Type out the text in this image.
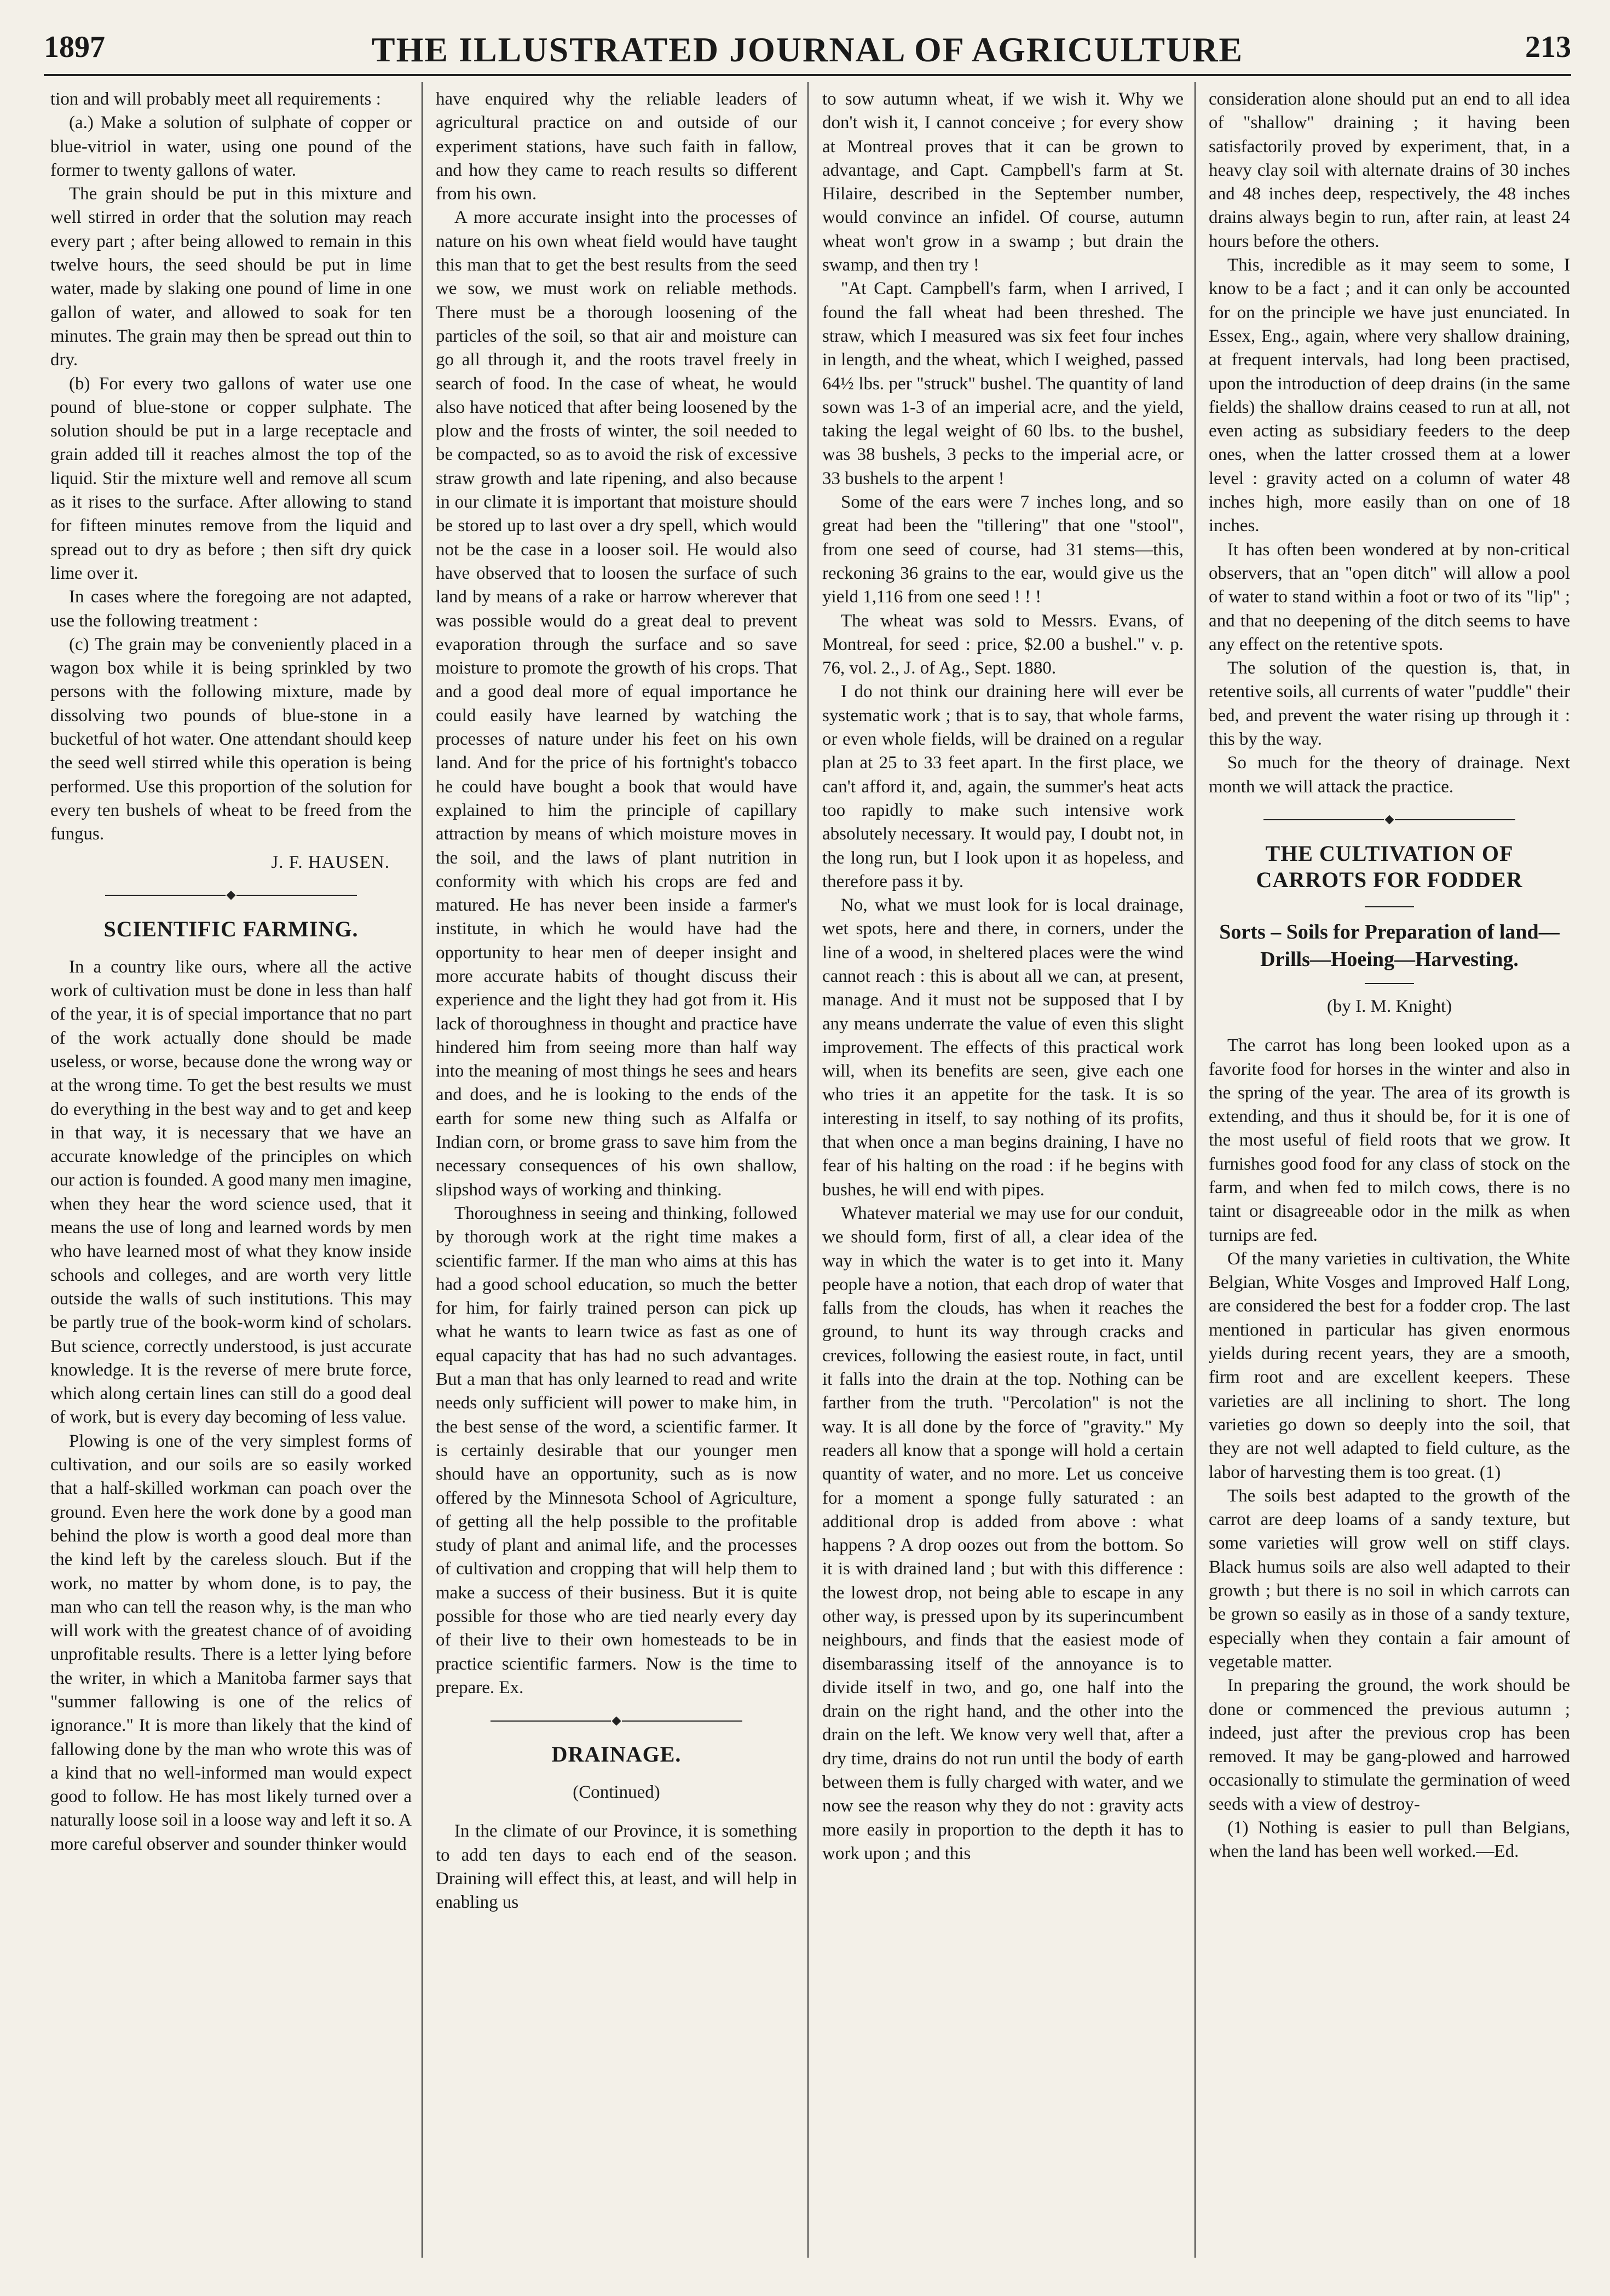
1897	THE ILLUSTRATED JOURNAL OF AGRICULTURE	213

tion and will probably meet all requirements :

(a.) Make a solution of sulphate of copper or blue-vitriol in water, using one pound of the former to twenty gallons of water.

The grain should be put in this mixture and well stirred in order that the solution may reach every part ; after being allowed to remain in this twelve hours, the seed should be put in lime water, made by slaking one pound of lime in one gallon of water, and allowed to soak for ten minutes. The grain may then be spread out thin to dry.

(b) For every two gallons of water use one pound of blue-stone or copper sulphate. The solution should be put in a large receptacle and grain added till it reaches almost the top of the liquid. Stir the mixture well and remove all scum as it rises to the surface. After allowing to stand for fifteen minutes remove from the liquid and spread out to dry as before ; then sift dry quick lime over it.

In cases where the foregoing are not adapted, use the following treatment :

(c) The grain may be conveniently placed in a wagon box while it is being sprinkled by two persons with the following mixture, made by dissolving two pounds of blue-stone in a bucketful of hot water. One attendant should keep the seed well stirred while this operation is being performed. Use this proportion of the solution for every ten bushels of wheat to be freed from the fungus.

J. F. HAUSEN.
SCIENTIFIC FARMING.

In a country like ours, where all the active work of cultivation must be done in less than half of the year, it is of special importance that no part of the work actually done should be made useless, or worse, because done the wrong way or at the wrong time. To get the best results we must do everything in the best way and to get and keep in that way, it is necessary that we have an accurate knowledge of the principles on which our action is founded. A good many men imagine, when they hear the word science used, that it means the use of long and learned words by men who have learned most of what they know inside schools and colleges, and are worth very little outside the walls of such institutions. This may be partly true of the book-worm kind of scholars. But science, correctly understood, is just accurate knowledge. It is the reverse of mere brute force, which along certain lines can still do a good deal of work, but is every day becoming of less value.

Plowing is one of the very simplest forms of cultivation, and our soils are so easily worked that a half-skilled workman can poach over the ground. Even here the work done by a good man behind the plow is worth a good deal more than the kind left by the careless slouch. But if the work, no matter by whom done, is to pay, the man who can tell the reason why, is the man who will work with the greatest chance of of avoiding unprofitable results. There is a letter lying before the writer, in which a Manitoba farmer says that "summer fallowing is one of the relics of ignorance." It is more than likely that the kind of fallowing done by the man who wrote this was of a kind that no well-informed man would expect good to follow. He has most likely turned over a naturally loose soil in a loose way and left it so. A more careful observer and sounder thinker would

have enquired why the reliable leaders of agricultural practice on and outside of our experiment stations, have such faith in fallow, and how they came to reach results so different from his own.

A more accurate insight into the processes of nature on his own wheat field would have taught this man that to get the best results from the seed we sow, we must work on reliable methods. There must be a thorough loosening of the particles of the soil, so that air and moisture can go all through it, and the roots travel freely in search of food. In the case of wheat, he would also have noticed that after being loosened by the plow and the frosts of winter, the soil needed to be compacted, so as to avoid the risk of excessive straw growth and late ripening, and also because in our climate it is important that moisture should be stored up to last over a dry spell, which would not be the case in a looser soil. He would also have observed that to loosen the surface of such land by means of a rake or harrow wherever that was possible would do a great deal to prevent evaporation through the surface and so save moisture to promote the growth of his crops. That and a good deal more of equal importance he could easily have learned by watching the processes of nature under his feet on his own land. And for the price of his fortnight's tobacco he could have bought a book that would have explained to him the principle of capillary attraction by means of which moisture moves in the soil, and the laws of plant nutrition in conformity with which his crops are fed and matured. He has never been inside a farmer's institute, in which he would have had the opportunity to hear men of deeper insight and more accurate habits of thought discuss their experience and the light they had got from it. His lack of thoroughness in thought and practice have hindered him from seeing more than half way into the meaning of most things he sees and hears and does, and he is looking to the ends of the earth for some new thing such as Alfalfa or Indian corn, or brome grass to save him from the necessary consequences of his own shallow, slipshod ways of working and thinking.

Thoroughness in seeing and thinking, followed by thorough work at the right time makes a scientific farmer. If the man who aims at this has had a good school education, so much the better for him, for fairly trained person can pick up what he wants to learn twice as fast as one of equal capacity that has had no such advantages. But a man that has only learned to read and write needs only sufficient will power to make him, in the best sense of the word, a scientific farmer. It is certainly desirable that our younger men should have an opportunity, such as is now offered by the Minnesota School of Agriculture, of getting all the help possible to the profitable study of plant and animal life, and the processes of cultivation and cropping that will help them to make a success of their business. But it is quite possible for those who are tied nearly every day of their live to their own homesteads to be in practice scientific farmers. Now is the time to prepare. Ex.

DRAINAGE.
(Continued)

In the climate of our Province, it is something to add ten days to each end of the season. Draining will effect this, at least, and will help in enabling us

to sow autumn wheat, if we wish it. Why we don't wish it, I cannot conceive ; for every show at Montreal proves that it can be grown to advantage, and Capt. Campbell's farm at St. Hilaire, described in the September number, would convince an infidel. Of course, autumn wheat won't grow in a swamp ; but drain the swamp, and then try !

"At Capt. Campbell's farm, when I arrived, I found the fall wheat had been threshed. The straw, which I measured was six feet four inches in length, and the wheat, which I weighed, passed 64½ lbs. per "struck" bushel. The quantity of land sown was 1-3 of an imperial acre, and the yield, taking the legal weight of 60 lbs. to the bushel, was 38 bushels, 3 pecks to the imperial acre, or 33 bushels to the arpent !

Some of the ears were 7 inches long, and so great had been the "tillering" that one "stool", from one seed of course, had 31 stems—this, reckoning 36 grains to the ear, would give us the yield 1,116 from one seed ! ! !

The wheat was sold to Messrs. Evans, of Montreal, for seed : price, $2.00 a bushel." v. p. 76, vol. 2., J. of Ag., Sept. 1880.

I do not think our draining here will ever be systematic work ; that is to say, that whole farms, or even whole fields, will be drained on a regular plan at 25 to 33 feet apart. In the first place, we can't afford it, and, again, the summer's heat acts too rapidly to make such intensive work absolutely necessary. It would pay, I doubt not, in the long run, but I look upon it as hopeless, and therefore pass it by.

No, what we must look for is local drainage, wet spots, here and there, in corners, under the line of a wood, in sheltered places were the wind cannot reach : this is about all we can, at present, manage. And it must not be supposed that I by any means underrate the value of even this slight improvement. The effects of this practical work will, when its benefits are seen, give each one who tries it an appetite for the task. It is so interesting in itself, to say nothing of its profits, that when once a man begins draining, I have no fear of his halting on the road : if he begins with bushes, he will end with pipes.

Whatever material we may use for our conduit, we should form, first of all, a clear idea of the way in which the water is to get into it. Many people have a notion, that each drop of water that falls from the clouds, has when it reaches the ground, to hunt its way through cracks and crevices, following the easiest route, in fact, until it falls into the drain at the top. Nothing can be farther from the truth. "Percolation" is not the way. It is all done by the force of "gravity." My readers all know that a sponge will hold a certain quantity of water, and no more. Let us conceive for a moment a sponge fully saturated : an additional drop is added from above : what happens ? A drop oozes out from the bottom. So it is with drained land ; but with this difference : the lowest drop, not being able to escape in any other way, is pressed upon by its superincumbent neighbours, and finds that the easiest mode of disembarassing itself of the annoyance is to divide itself in two, and go, one half into the drain on the right hand, and the other into the drain on the left. We know very well that, after a dry time, drains do not run until the body of earth between them is fully charged with water, and we now see the reason why they do not : gravity acts more easily in proportion to the depth it has to work upon ; and this

consideration alone should put an end to all idea of "shallow" draining ; it having been satisfactorily proved by experiment, that, in a heavy clay soil with alternate drains of 30 inches and 48 inches deep, respectively, the 48 inches drains always begin to run, after rain, at least 24 hours before the others.

This, incredible as it may seem to some, I know to be a fact ; and it can only be accounted for on the principle we have just enunciated. In Essex, Eng., again, where very shallow draining, at frequent intervals, had long been practised, upon the introduction of deep drains (in the same fields) the shallow drains ceased to run at all, not even acting as subsidiary feeders to the deep ones, when the latter crossed them at a lower level : gravity acted on a column of water 48 inches high, more easily than on one of 18 inches.

It has often been wondered at by non-critical observers, that an "open ditch" will allow a pool of water to stand within a foot or two of its "lip" ; and that no deepening of the ditch seems to have any effect on the retentive spots.

The solution of the question is, that, in retentive soils, all currents of water "puddle" their bed, and prevent the water rising up through it : this by the way.

So much for the theory of drainage. Next month we will attack the practice.

THE CULTIVATION OF CARROTS FOR FODDER
Sorts – Soils for Preparation of land— Drills—Hoeing—Harvesting.
(by I. M. Knight)

The carrot has long been looked upon as a favorite food for horses in the winter and also in the spring of the year. The area of its growth is extending, and thus it should be, for it is one of the most useful of field roots that we grow. It furnishes good food for any class of stock on the farm, and when fed to milch cows, there is no taint or disagreeable odor in the milk as when turnips are fed.

Of the many varieties in cultivation, the White Belgian, White Vosges and Improved Half Long, are considered the best for a fodder crop. The last mentioned in particular has given enormous yields during recent years, they are a smooth, firm root and are excellent keepers. These varieties are all inclining to short. The long varieties go down so deeply into the soil, that they are not well adapted to field culture, as the labor of harvesting them is too great. (1)

The soils best adapted to the growth of the carrot are deep loams of a sandy texture, but some varieties will grow well on stiff clays. Black humus soils are also well adapted to their growth ; but there is no soil in which carrots can be grown so easily as in those of a sandy texture, especially when they contain a fair amount of vegetable matter.

In preparing the ground, the work should be done or commenced the previous autumn ; indeed, just after the previous crop has been removed. It may be gang-plowed and harrowed occasionally to stimulate the germination of weed seeds with a view of destroy-

(1) Nothing is easier to pull than Belgians, when the land has been well worked.—Ed.
